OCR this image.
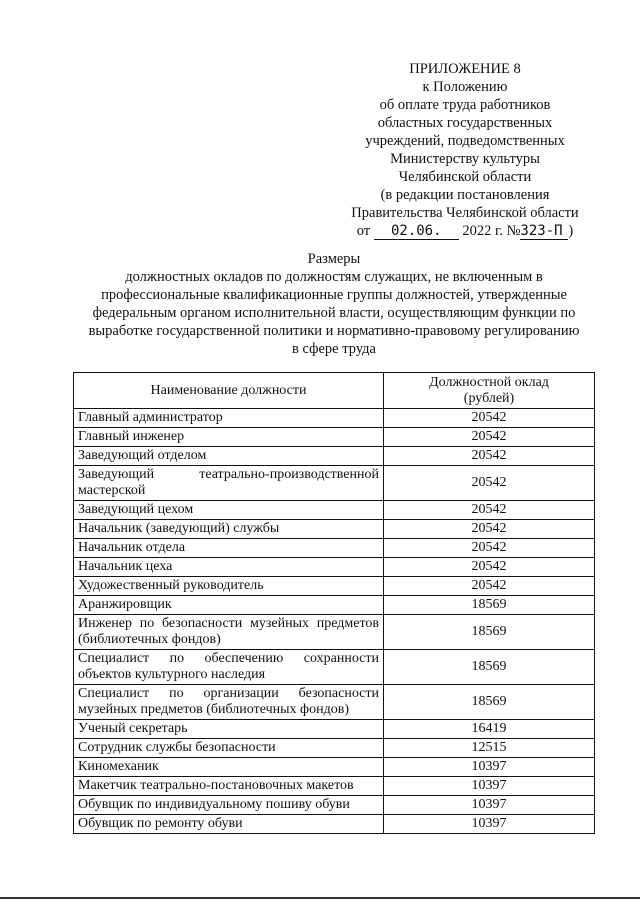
ПРИЛОЖЕНИЕ 8
к Положению
об оплате труда работников
областных государственных
учреждений, подведомственных
Министерству культуры
Челябинской области
(в редакции постановления
Правительства Челябинской области
от 02.06. 2022 г. №323-П )
Размеры
должностных окладов по должностям служащих, не включенным в
профессиональные квалификационные группы должностей, утвержденные
федеральным органом исполнительной власти, осуществляющим функции по
выработке государственной политики и нормативно-правовому регулированию
в сфере труда
Наименование должности	Должностной оклад
(рублей)

Главный администратор	20542
Главный инженер	20542
Заведующий отделом	20542
Заведующий театрально-производственной мастерской	20542
Заведующий цехом	20542
Начальник (заведующий) службы	20542
Начальник отдела	20542
Начальник цеха	20542
Художественный руководитель	20542
Аранжировщик	18569
Инженер по безопасности музейных предметов (библиотечных фондов)	18569
Специалист по обеспечению сохранности объектов культурного наследия	18569
Специалист по организации безопасности музейных предметов (библиотечных фондов)	18569
Ученый секретарь	16419
Сотрудник службы безопасности	12515
Киномеханик	10397
Макетчик театрально-постановочных макетов	10397
Обувщик по индивидуальному пошиву обуви	10397
Обувщик по ремонту обуви	10397
